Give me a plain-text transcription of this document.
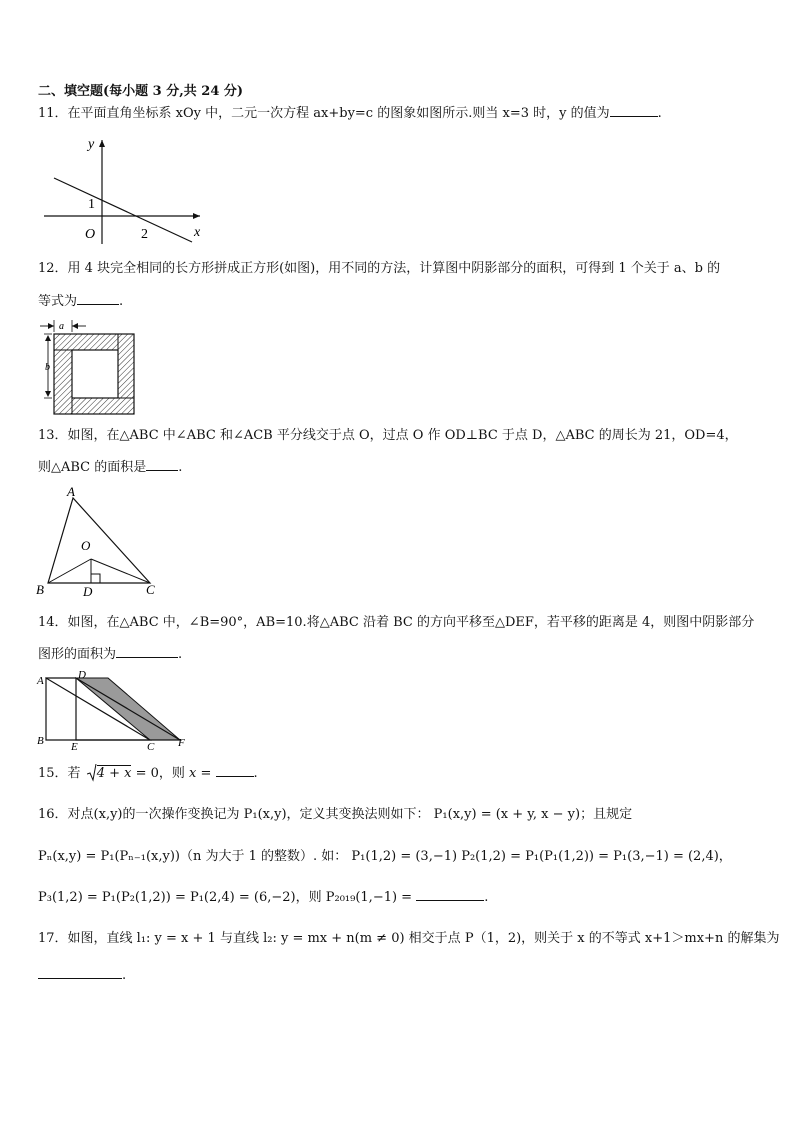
二、填空题(每小题 3 分,共 24 分)
11．在平面直角坐标系 xOy 中，二元一次方程 ax+by=c 的图象如图所示.则当 x=3 时，y 的值为	.
y
x
O
1
2
12．用 4 块完全相同的长方形拼成正方形(如图)，用不同的方法，计算图中阴影部分的面积，可得到 1 个关于 a、b 的
等式为	.
a
b
13．如图，在△ABC 中∠ABC 和∠ACB 平分线交于点 O，过点 O 作 OD⊥BC 于点 D，△ABC 的周长为 21，OD=4，
则△ABC 的面积是 .
A
B	C
O
D
14．如图，在△ABC 中，∠B=90°，AB=10.将△ABC 沿着 BC 的方向平移至△DEF，若平移的距离是 4，则图中阴影部分
图形的面积为	.
A	D
B E	C F
15．若 4 + x = 0，则 x =	.
16．对点(x,y)的一次操作变换记为 P₁(x,y)，定义其变换法则如下： P₁(x,y) = (x + y, x − y)；且规定
Pₙ(x,y) = P₁(Pₙ₋₁(x,y))（n 为大于 1 的整数）. 如： P₁(1,2) = (3,−1) P₂(1,2) = P₁(P₁(1,2)) = P₁(3,−1) = (2,4)，
P₃(1,2) = P₁(P₂(1,2)) = P₁(2,4) = (6,−2)，则 P₂₀₁₉(1,−1) =	.
17．如图，直线 l₁: y = x + 1 与直线 l₂: y = mx + n(m ≠ 0) 相交于点 P（1，2)，则关于 x 的不等式 x+1＞mx+n 的解集为
.
